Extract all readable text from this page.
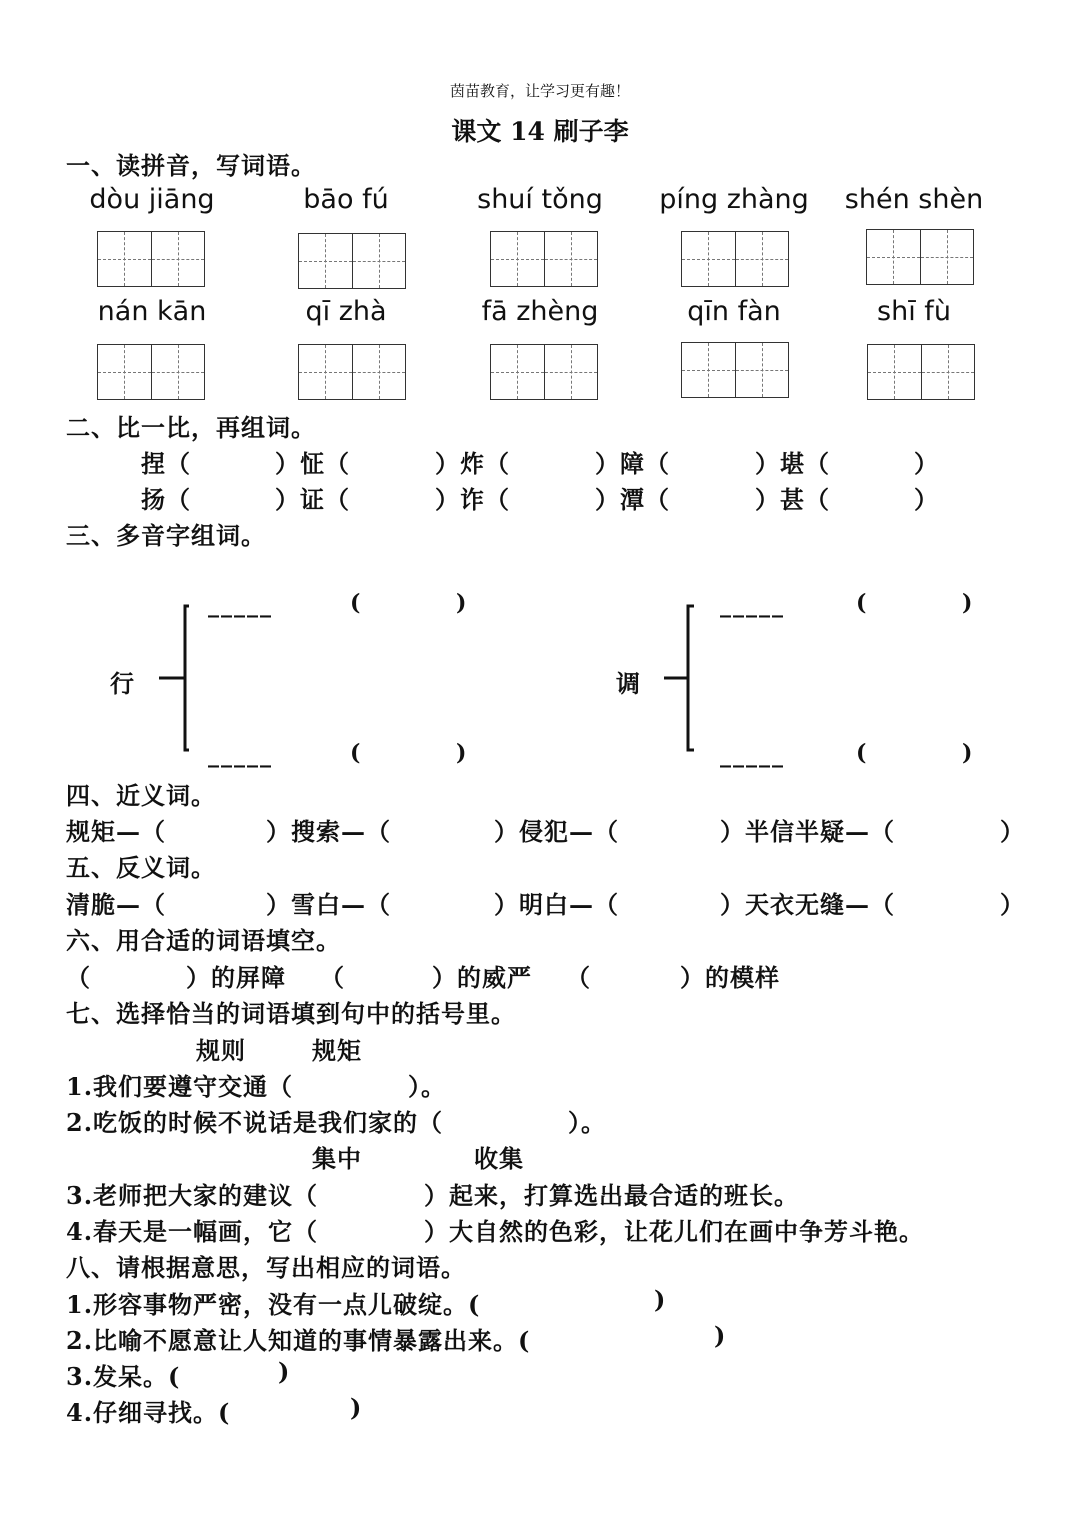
茵苗教育，让学习更有趣！
课文 14 刷子李
一、读拼音，写词语。
dòu jiāng	bāo fú	shuí tǒng	píng zhàng	shén shèn
nán kān	qī zhà	fā zhèng	qīn fàn	shī fù
二、比一比，再组词。
捏（	）怔（	）炸（	）障（	）堪（	）
扬（	）证（	）诈（	）潭（	）甚（	）
三、多音字组词。
行
_____	(	)
_____	(	)
调
_____	(	)
_____	(	)
四、近义词。
规矩—（	）搜索—（	）侵犯—（	）半信半疑—（	）
五、反义词。
清脆—（	）雪白—（	）明白—（	）天衣无缝—（	）
六、用合适的词语填空。
（	）的屏障 （	）的威严 （	）的模样
七、选择恰当的词语填到句中的括号里。
规则	规矩
1.我们要遵守交通（	）。
2.吃饭的时候不说话是我们家的（	）。
集中	收集
3.老师把大家的建议（	）起来，打算选出最合适的班长。
4.春天是一幅画，它（	）大自然的色彩，让花儿们在画中争芳斗艳。
八、请根据意思，写出相应的词语。
1.形容事物严密，没有一点儿破绽。(	)
2.比喻不愿意让人知道的事情暴露出来。(	)
3.发呆。(	)
4.仔细寻找。(	)
